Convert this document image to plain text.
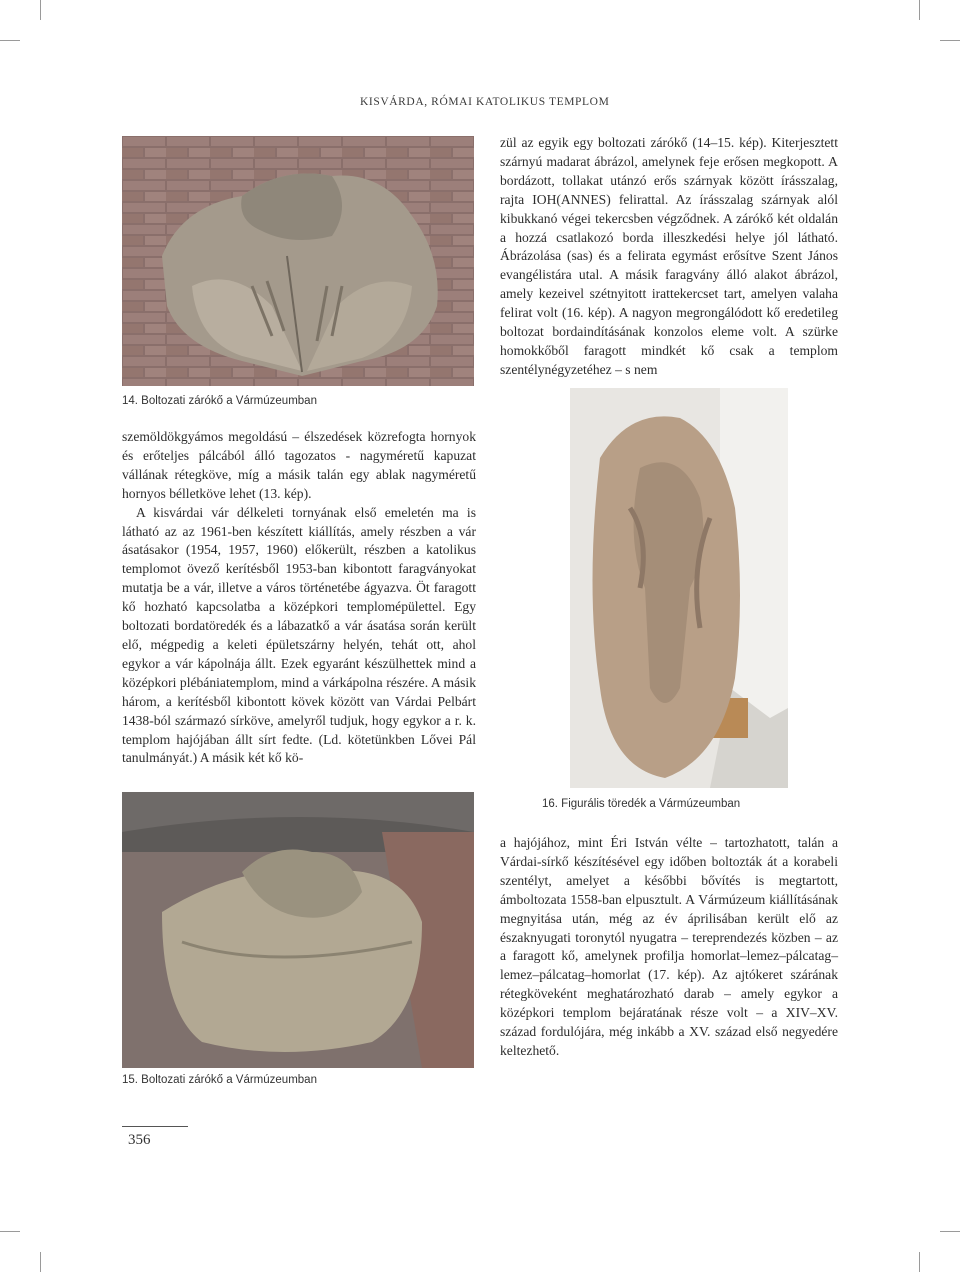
KISVÁRDA, RÓMAI KATOLIKUS TEMPLOM
14. Boltozati zárókő a Vármúzeumban

zül az egyik egy boltozati zárókő (14–15. kép). Kiterjesztett szárnyú madarat ábrázol, amelynek feje erősen megkopott. A bordázott, tollakat utánzó erős szárnyak között írásszalag, rajta IOH(ANNES) felirattal. Az írásszalag szárnyak alól kibukkanó végei tekercsben végződnek. A zárókő két oldalán a hozzá csatlakozó borda illeszkedési helye jól látható. Ábrázolása (sas) és a felirata egymást erősítve Szent János evangélistára utal. A másik faragvány álló alakot ábrázol, amely kezeivel szétnyitott irattekercset tart, amelyen valaha felirat volt (16. kép). A nagyon megrongálódott kő eredetileg boltozat bordaindításának konzolos eleme volt. A szürke homokkőből faragott mindkét kő csak a templom szentélynégyzetéhez – s nem

16. Figurális töredék a Vármúzeumban

szemöldökgyámos megoldású – élszedések közrefogta hornyok és erőteljes pálcából álló tagozatos - nagyméretű kapuzat vállának rétegköve, míg a másik talán egy ablak nagyméretű hornyos bélletköve lehet (13. kép).

A kisvárdai vár délkeleti tornyának első emeletén ma is látható az az 1961-ben készített kiállítás, amely részben a vár ásatásakor (1954, 1957, 1960) előkerült, részben a katolikus templomot övező kerítésből 1953-ban kibontott faragványokat mutatja be a vár, illetve a város történetébe ágyazva. Öt faragott kő hozható kapcsolatba a középkori templomépülettel. Egy boltozati bordatöredék és a lábazatkő a vár ásatása során került elő, mégpedig a keleti épületszárny helyén, tehát ott, ahol egykor a vár kápolnája állt. Ezek egyaránt készülhettek mind a középkori plébániatemplom, mind a várkápolna részére. A másik három, a kerítésből kibontott kövek között van Várdai Pelbárt 1438-ból származó sírköve, amelyről tudjuk, hogy egykor a r. k. templom hajójában állt sírt fedte. (Ld. kötetünkben Lővei Pál tanulmányát.) A másik két kő kö-

15. Boltozati zárókő a Vármúzeumban

a hajójához, mint Éri István vélte – tartozhatott, talán a Várdai-sírkő készítésével egy időben boltozták át a korabeli szentélyt, amelyet a későbbi bővítés is megtartott, ámboltozata 1558-ban elpusztult. A Vármúzeum kiállításának megnyitása után, még az év áprilisában került elő az északnyugati toronytól nyugatra – tereprendezés közben – az a faragott kő, amelynek profilja homorlat–lemez–pálcatag–lemez–pálcatag–homorlat (17. kép). Az ajtókeret szárának rétegköveként meghatározható darab – amely egykor a középkori templom bejáratának része volt – a XIV–XV. század fordulójára, még inkább a XV. század első negyedére keltezhető.

356
